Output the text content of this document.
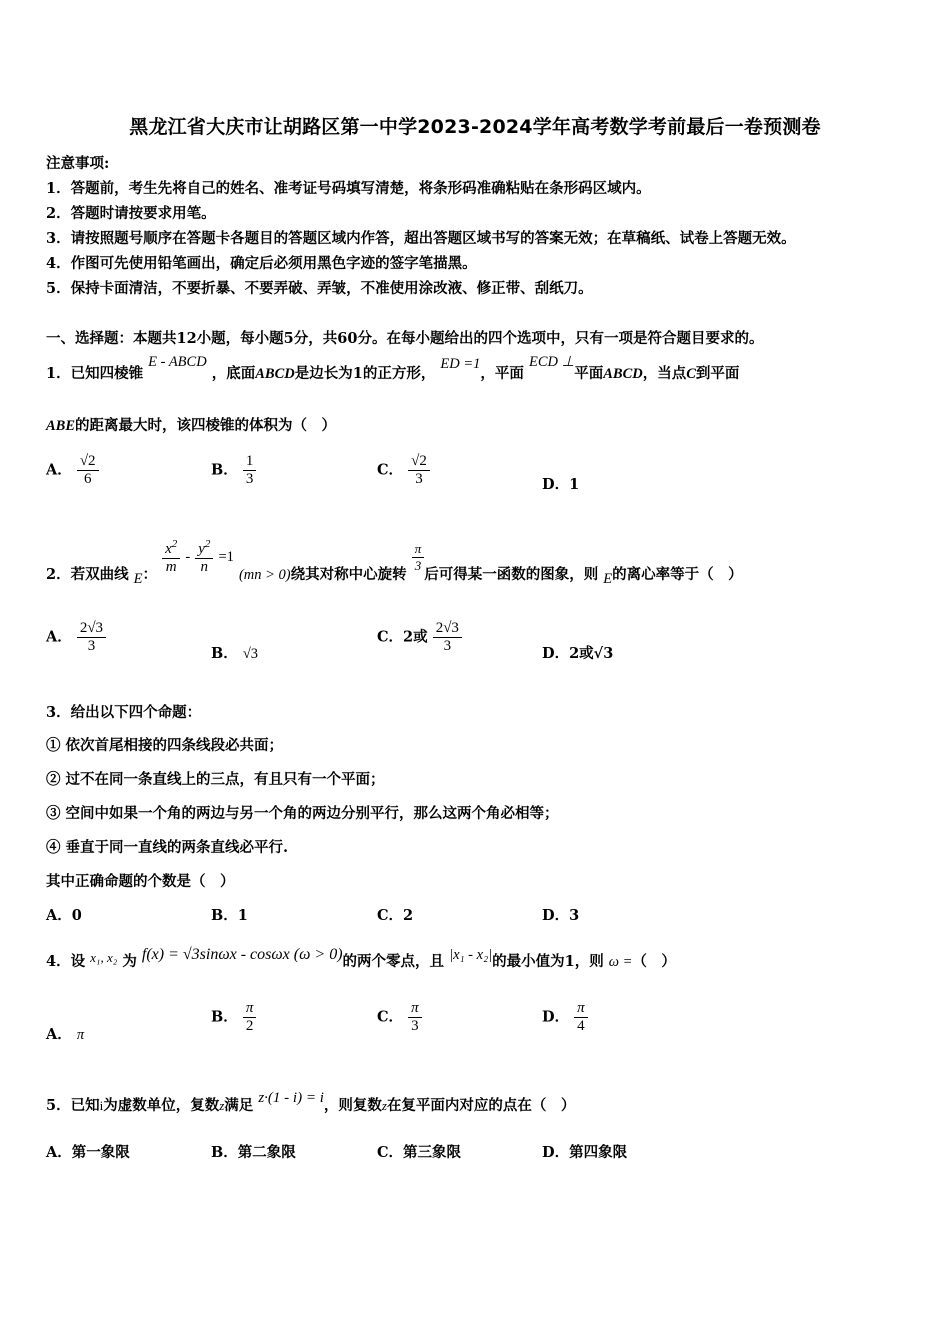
黑龙江省大庆市让胡路区第一中学2023-2024学年高考数学考前最后一卷预测卷
注意事项:
1．答题前，考生先将自己的姓名、准考证号码填写清楚，将条形码准确粘贴在条形码区域内。
2．答题时请按要求用笔。
3．请按照题号顺序在答题卡各题目的答题区域内作答，超出答题区域书写的答案无效；在草稿纸、试卷上答题无效。
4．作图可先使用铅笔画出，确定后必须用黑色字迹的签字笔描黑。
5．保持卡面清洁，不要折暴、不要弄破、弄皱，不准使用涂改液、修正带、刮纸刀。
一、选择题：本题共12小题，每小题5分，共60分。在每小题给出的四个选项中，只有一项是符合题目要求的。
1．已知四棱锥 E - ABCD ，底面ABCD是边长为1的正方形， ED =1，平面 ECD ⊥平面ABCD，当点C到平面
ABE的距离最大时，该四棱锥的体积为（　）
A． $\frac{√2}{6}$	B． $\frac{1}{3}$	C． $\frac{√2}{3}$	D．1
2．若双曲线 E： $\frac{x^2}{m} - \frac{y^2}{n} =1$ (mn > 0)绕其对称中心旋转
$\frac{\pi}{3}$
后可得某一函数的图象，则 E的离心率等于（　）
A． $\frac{2√3}{3}$	B． √3
C．2或 $\frac{2√3}{3}$	D．2或√3
3．给出以下四个命题：
① 依次首尾相接的四条线段必共面；
② 过不在同一条直线上的三点，有且只有一个平面；
③ 空间中如果一个角的两边与另一个角的两边分别平行，那么这两个角必相等；
④ 垂直于同一直线的两条直线必平行.
其中正确命题的个数是（　）
A．0	B．1	C．2	D．3
4．设 x₁, x₂ 为 f(x) = √3sinωx - cosωx (ω > 0)的两个零点，且 |x₁ - x₂|的最小值为1，则 ω =（　）
A． π
B． $\frac{\pi}{2}$	C． $\frac{\pi}{3}$	D． $\frac{\pi}{4}$
5．已知i为虚数单位，复数z满足 z·(1 - i) = i，则复数z在复平面内对应的点在（　）
A．第一象限	B．第二象限	C．第三象限	D．第四象限
